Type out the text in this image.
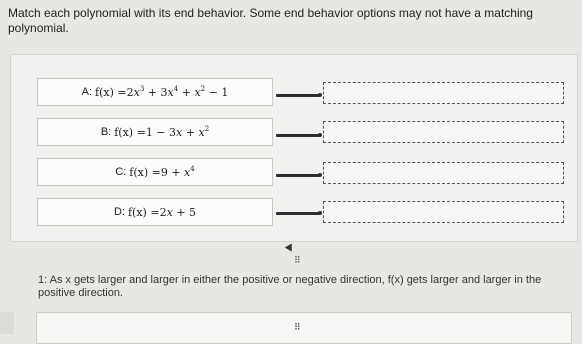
Match each polynomial with its end behavior. Some end behavior options may not have a matching polynomial.
A: $f(x) = 2x^3 + 3x^4 + x^2 - 1$
B: $f(x) = 1 - 3x + x^2$
C: $f(x) = 9 + x^4$
D: f(x) = 2x + 5
⠿
1: As x gets larger and larger in either the positive or negative direction, f(x) gets larger and larger in the
positive direction.
⠿
